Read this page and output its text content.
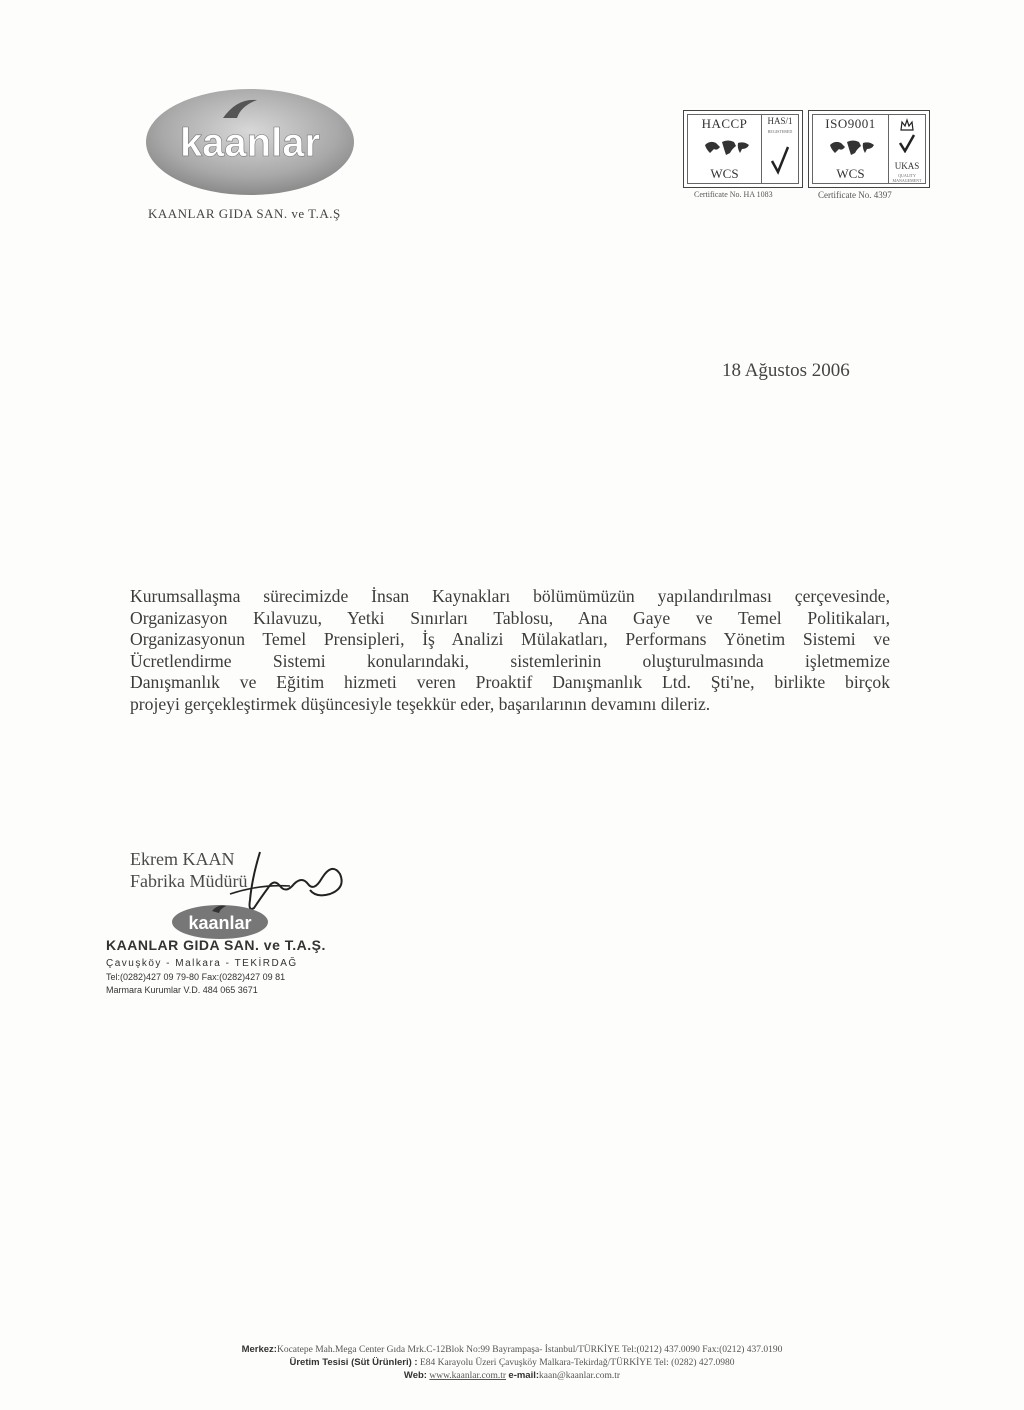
kaanlar
KAANLAR GIDA SAN. ve T.A.Ş
HACCP
WCS
HAS/1
REGISTERED
Certificate No. HA 1083
ISO9001
WCS	UKAS
QUALITY MANAGEMENT
Certificate No. 4397
18 Ağustos 2006

Kurumsallaşma sürecimizde İnsan Kaynakları bölümümüzün yapılandırılması çerçevesinde,

Organizasyon Kılavuzu, Yetki Sınırları Tablosu, Ana Gaye ve Temel Politikaları,

Organizasyonun Temel Prensipleri, İş Analizi Mülakatları, Performans Yönetim Sistemi ve

Ücretlendirme Sistemi konularındaki, sistemlerinin oluşturulmasında işletmemize

Danışmanlık ve Eğitim hizmeti veren Proaktif Danışmanlık Ltd. Şti'ne, birlikte birçok

projeyi gerçekleştirmek düşüncesiyle teşekkür eder, başarılarının devamını dileriz.

Ekrem KAAN
Fabrika Müdürü
kaanlar
KAANLAR GIDA SAN. ve T.A.Ş.
Çavuşköy - Malkara - TEKİRDAĞ
Tel:(0282)427 09 79-80 Fax:(0282)427 09 81
Marmara Kurumlar V.D. 484 065 3671
Merkez:Kocatepe Mah.Mega Center Gıda Mrk.C-12Blok No:99 Bayrampaşa- İstanbul/TÜRKİYE Tel:(0212) 437.0090 Fax:(0212) 437.0190
Üretim Tesisi (Süt Ürünleri) : E84 Karayolu Üzeri Çavuşköy Malkara-Tekirdağ/TÜRKİYE Tel: (0282) 427.0980
Web: www.kaanlar.com.tr e-mail:kaan@kaanlar.com.tr
